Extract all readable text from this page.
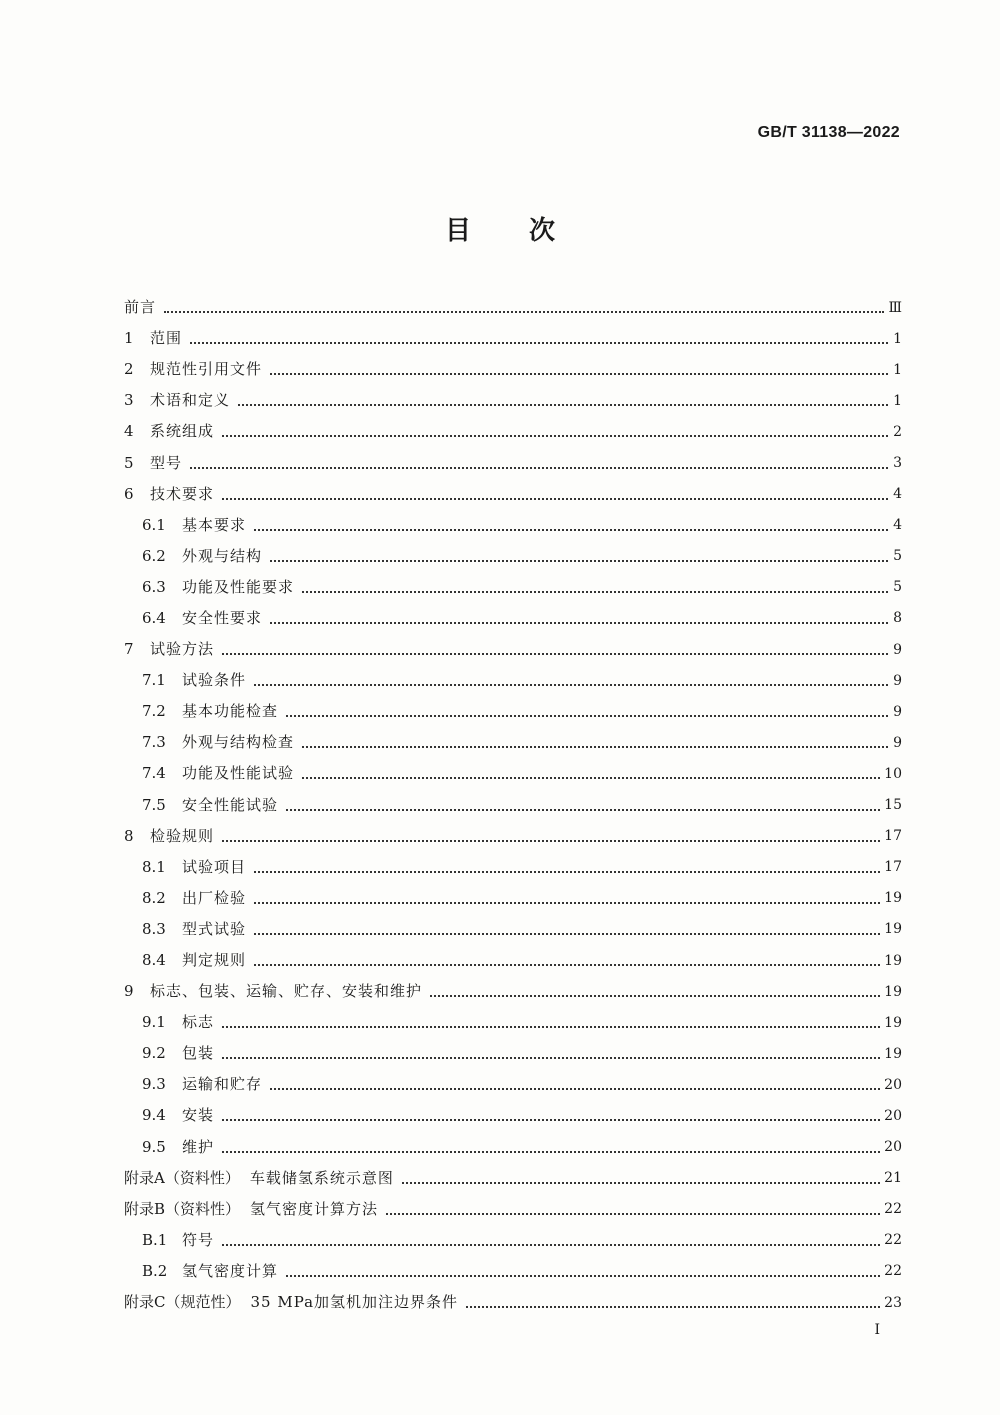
GB/T 31138—2022
目次
前言	Ⅲ
1	范围	1
2	规范性引用文件	1
3	术语和定义	1
4	系统组成	2
5	型号	3
6	技术要求	4
6.1	基本要求	4
6.2	外观与结构	5
6.3	功能及性能要求	5
6.4	安全性要求	8
7	试验方法	9
7.1	试验条件	9
7.2	基本功能检查	9
7.3	外观与结构检查	9
7.4	功能及性能试验	10
7.5	安全性能试验	15
8	检验规则	17
8.1	试验项目	17
8.2	出厂检验	19
8.3	型式试验	19
8.4	判定规则	19
9	标志、包装、运输、贮存、安装和维护	19
9.1	标志	19
9.2	包装	19
9.3	运输和贮存	20
9.4	安装	20
9.5	维护	20
附录A（资料性） 车载储氢系统示意图	21
附录B（资料性） 氢气密度计算方法	22
B.1 符号	22
B.2 氢气密度计算	22
附录C（规范性） 35 MPa加氢机加注边界条件	23
Ⅰ
